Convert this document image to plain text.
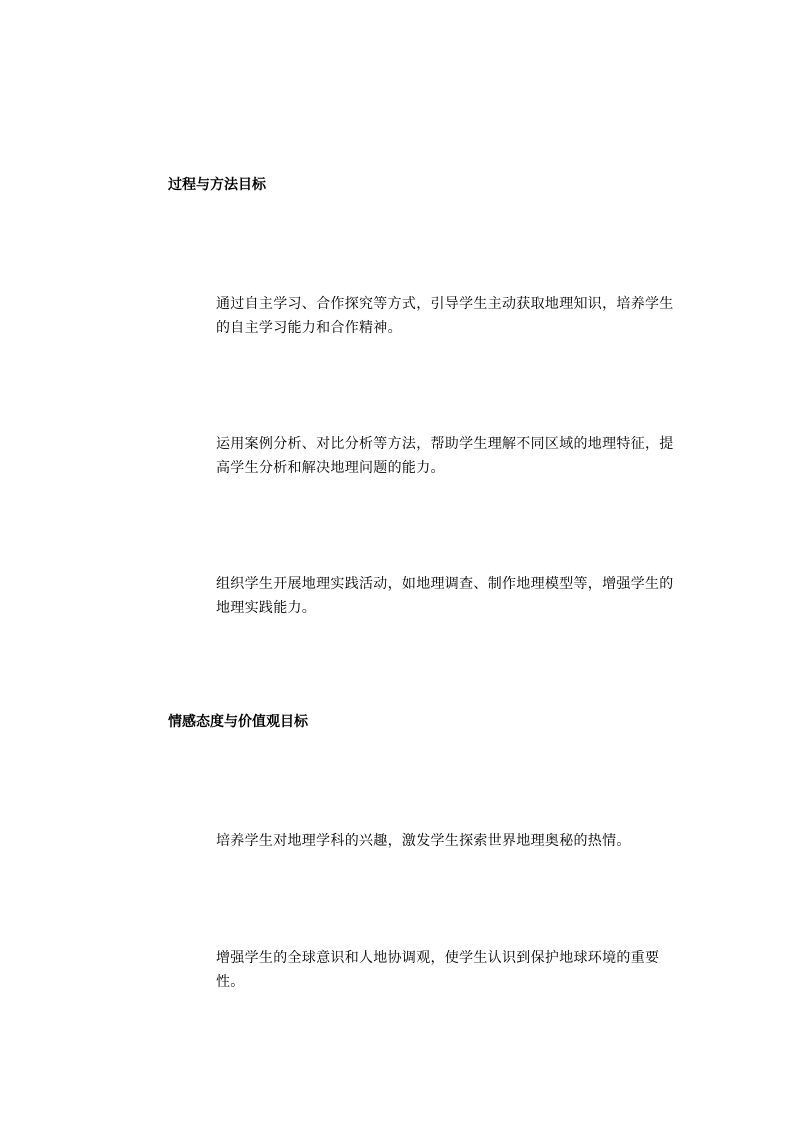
过程与方法目标

通过自主学习、合作探究等方式，引导学生主动获取地理知识，培养学生的自主学习能力和合作精神。

运用案例分析、对比分析等方法，帮助学生理解不同区域的地理特征，提高学生分析和解决地理问题的能力。

组织学生开展地理实践活动，如地理调查、制作地理模型等，增强学生的地理实践能力。

情感态度与价值观目标

培养学生对地理学科的兴趣，激发学生探索世界地理奥秘的热情。

增强学生的全球意识和人地协调观，使学生认识到保护地球环境的重要性。
